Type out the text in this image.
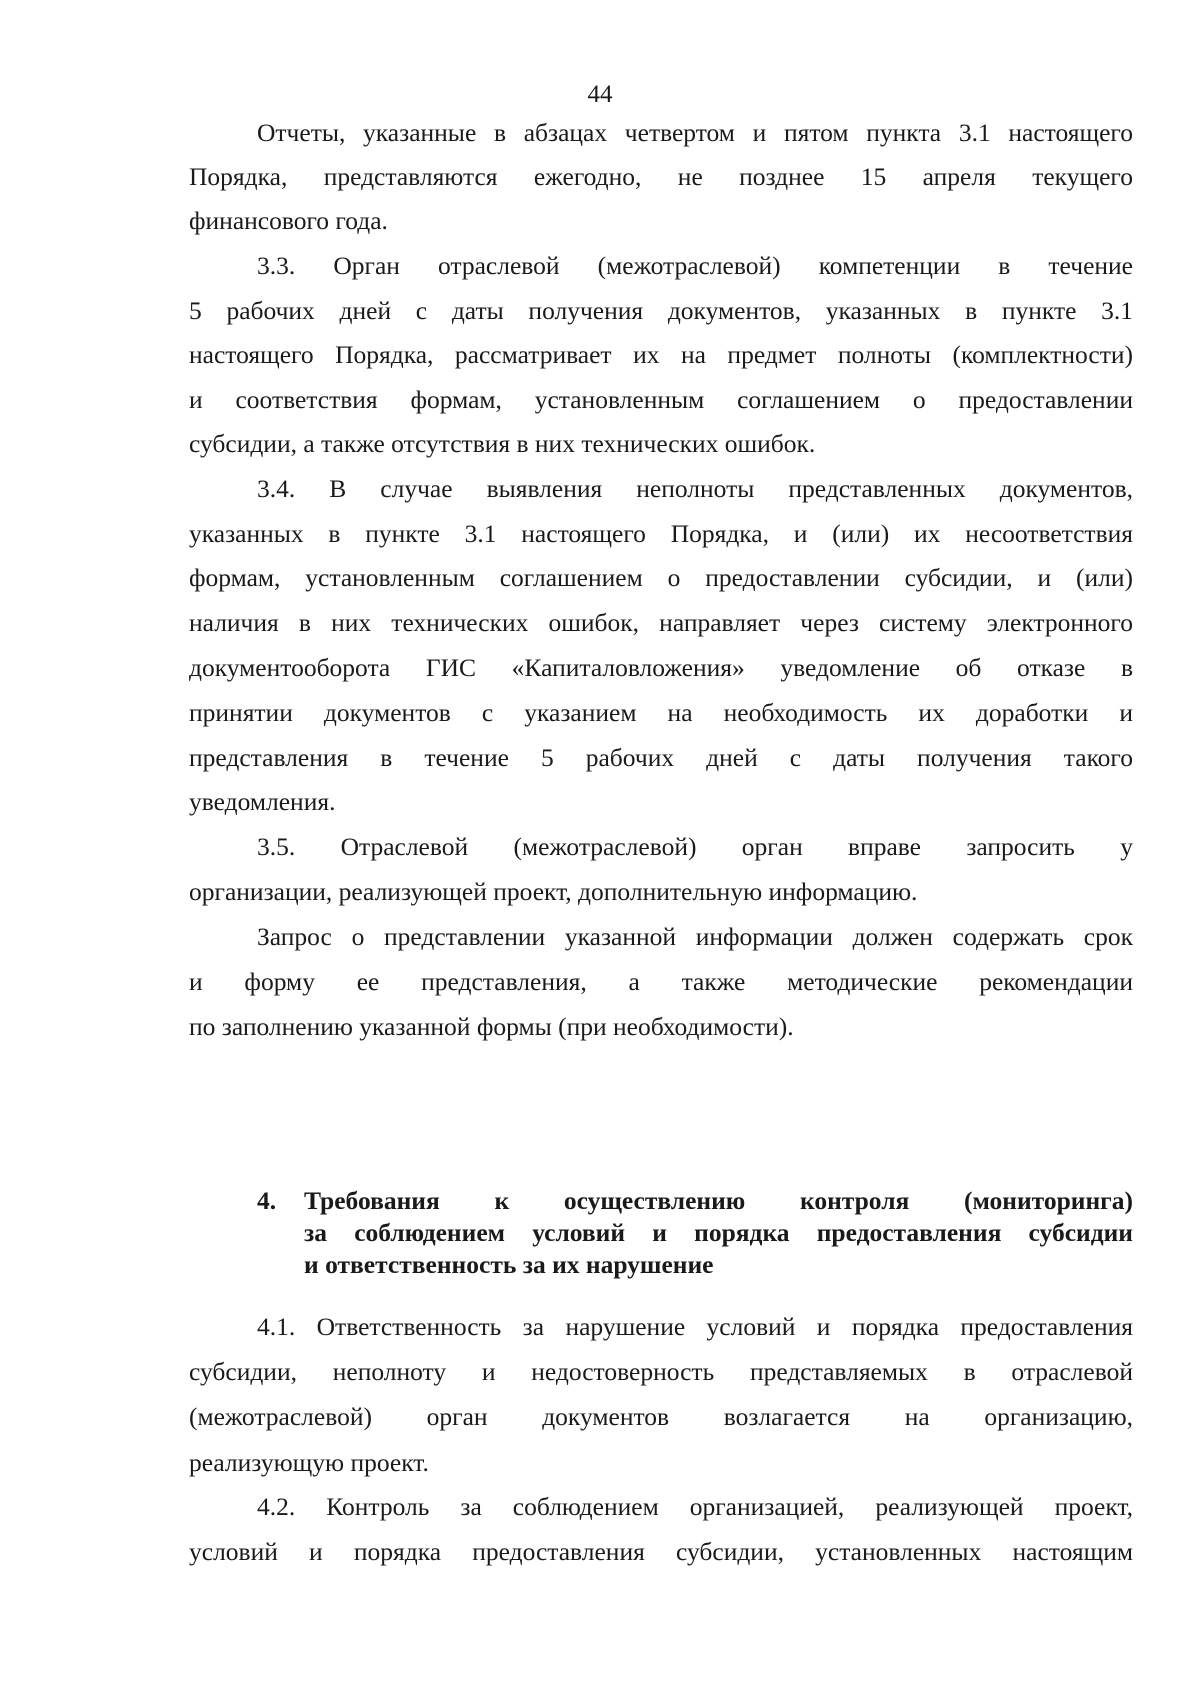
44
Отчеты, указанные в абзацах четвертом и пятом пункта 3.1 настоящего
Порядка, представляются ежегодно, не позднее 15 апреля текущего
финансового года.
3.3. Орган отраслевой (межотраслевой) компетенции в течение
5 рабочих дней с даты получения документов, указанных в пункте 3.1
настоящего Порядка, рассматривает их на предмет полноты (комплектности)
и соответствия формам, установленным соглашением о предоставлении
субсидии, а также отсутствия в них технических ошибок.
3.4. В случае выявления неполноты представленных документов,
указанных в пункте 3.1 настоящего Порядка, и (или) их несоответствия
формам, установленным соглашением о предоставлении субсидии, и (или)
наличия в них технических ошибок, направляет через систему электронного
документооборота ГИС «Капиталовложения» уведомление об отказе в
принятии документов с указанием на необходимость их доработки и
представления в течение 5 рабочих дней с даты получения такого
уведомления.
3.5. Отраслевой (межотраслевой) орган вправе запросить у
организации, реализующей проект, дополнительную информацию.
Запрос о представлении указанной информации должен содержать срок
и форму ее представления, а также методические рекомендации
по заполнению указанной формы (при необходимости).
4. Требования к осуществлению контроля (мониторинга)
за соблюдением условий и порядка предоставления субсидии
и ответственность за их нарушение
4.1. Ответственность за нарушение условий и порядка предоставления
субсидии, неполноту и недостоверность представляемых в отраслевой
(межотраслевой) орган документов возлагается на организацию,
реализующую проект.
4.2. Контроль за соблюдением организацией, реализующей проект,
условий и порядка предоставления субсидии, установленных настоящим
